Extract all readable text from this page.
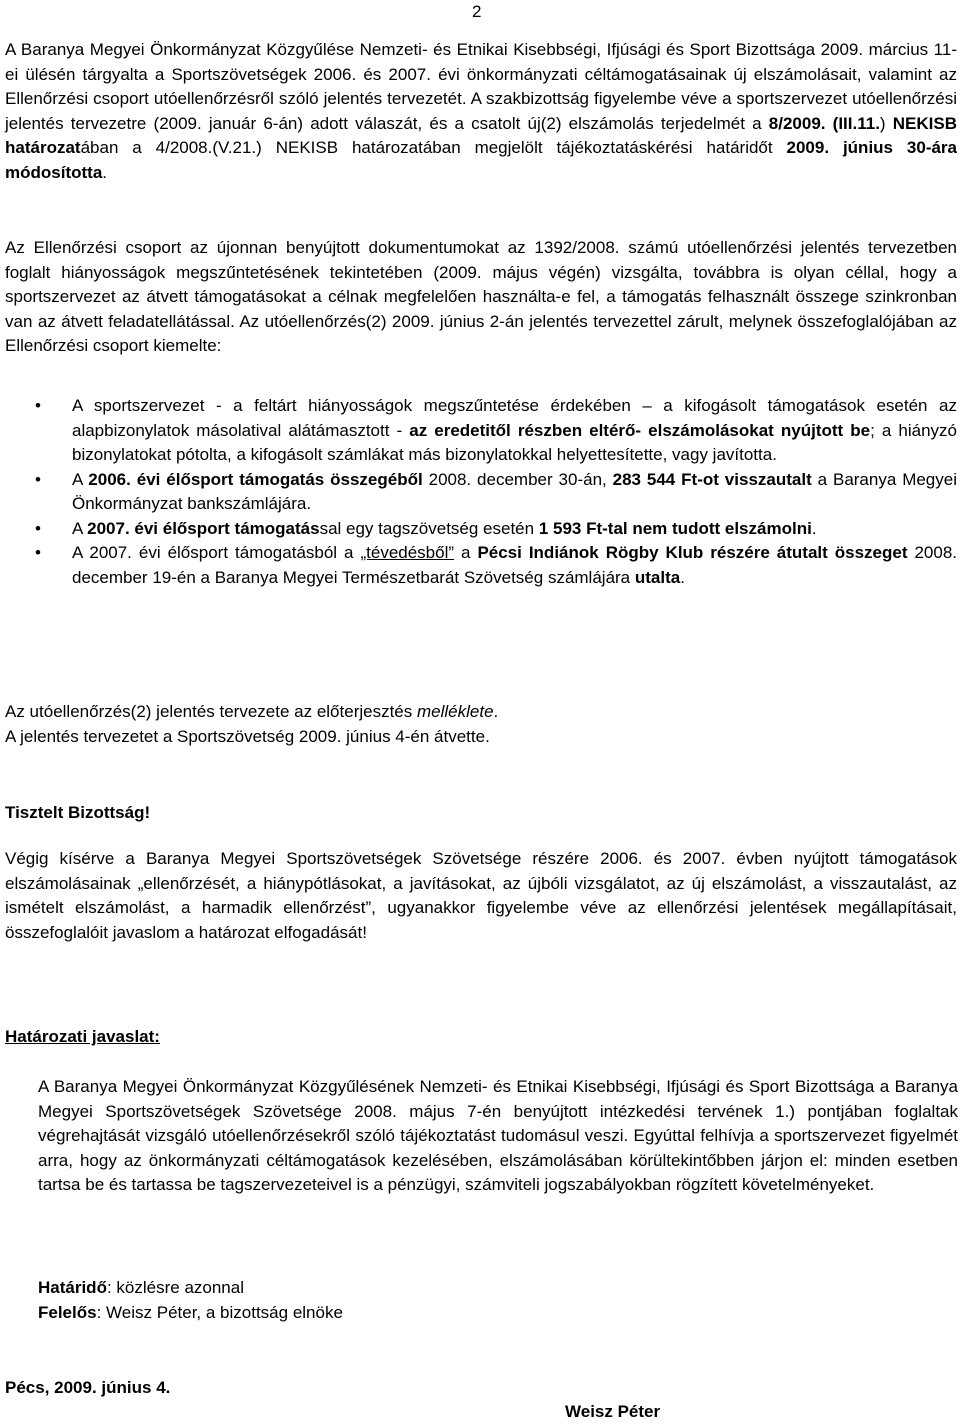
2

A Baranya Megyei Önkormányzat Közgyűlése Nemzeti- és Etnikai Kisebbségi, Ifjúsági és Sport Bizottsága 2009. március 11-ei ülésén tárgyalta a Sportszövetségek 2006. és 2007. évi önkormányzati céltámogatásainak új elszámolásait, valamint az Ellenőrzési csoport utóellenőrzésről szóló jelentés tervezetét. A szakbizottság figyelembe véve a sportszervezet utóellenőrzési jelentés tervezetre (2009. január 6-án) adott válaszát, és a csatolt új(2) elszámolás terjedelmét a 8/2009. (III.11.) NEKISB határozatában a 4/2008.(V.21.) NEKISB határozatában megjelölt tájékoztatáskérési határidőt 2009. június 30-ára módosította.

Az Ellenőrzési csoport az újonnan benyújtott dokumentumokat az 1392/2008. számú utóellenőrzési jelentés tervezetben foglalt hiányosságok megszűntetésének tekintetében (2009. május végén) vizsgálta, továbbra is olyan céllal, hogy a sportszervezet az átvett támogatásokat a célnak megfelelően használta-e fel, a támogatás felhasznált összege szinkronban van az átvett feladatellátással. Az utóellenőrzés(2) 2009. június 2-án jelentés tervezettel zárult, melynek összefoglalójában az Ellenőrzési csoport kiemelte:

• A sportszervezet - a feltárt hiányosságok megszűntetése érdekében – a kifogásolt támogatások esetén az alapbizonylatok másolatival alátámasztott - az eredetitől részben eltérő- elszámolásokat nyújtott be; a hiányzó bizonylatokat pótolta, a kifogásolt számlákat más bizonylatokkal helyettesítette, vagy javította.
• A 2006. évi élősport támogatás összegéből 2008. december 30-án, 283 544 Ft-ot visszautalt a Baranya Megyei Önkormányzat bankszámlájára.
• A 2007. évi élősport támogatással egy tagszövetség esetén 1 593 Ft-tal nem tudott elszámolni.
• A 2007. évi élősport támogatásból a „tévedésből” a Pécsi Indiánok Rögby Klub részére átutalt összeget 2008. december 19-én a Baranya Megyei Természetbarát Szövetség számlájára utalta.

Az utóellenőrzés(2) jelentés tervezete az előterjesztés melléklete.

A jelentés tervezetet a Sportszövetség 2009. június 4-én átvette.

Tisztelt Bizottság!

Végig kísérve a Baranya Megyei Sportszövetségek Szövetsége részére 2006. és 2007. évben nyújtott támogatások elszámolásainak „ellenőrzését, a hiánypótlásokat, a javításokat, az újbóli vizsgálatot, az új elszámolást, a visszautalást, az ismételt elszámolást, a harmadik ellenőrzést”, ugyanakkor figyelembe véve az ellenőrzési jelentések megállapításait, összefoglalóit javaslom a határozat elfogadását!

Határozati javaslat:

A Baranya Megyei Önkormányzat Közgyűlésének Nemzeti- és Etnikai Kisebbségi, Ifjúsági és Sport Bizottsága a Baranya Megyei Sportszövetségek Szövetsége 2008. május 7-én benyújtott intézkedési tervének 1.) pontjában foglaltak végrehajtását vizsgáló utóellenőrzésekről szóló tájékoztatást tudomásul veszi. Egyúttal felhívja a sportszervezet figyelmét arra, hogy az önkormányzati céltámogatások kezelésében, elszámolásában körültekintőbben járjon el: minden esetben tartsa be és tartassa be tagszervezeteivel is a pénzügyi, számviteli jogszabályokban rögzített követelményeket.

Határidő: közlésre azonnal

Felelős: Weisz Péter, a bizottság elnöke

Pécs, 2009. június 4.

Weisz Péter
